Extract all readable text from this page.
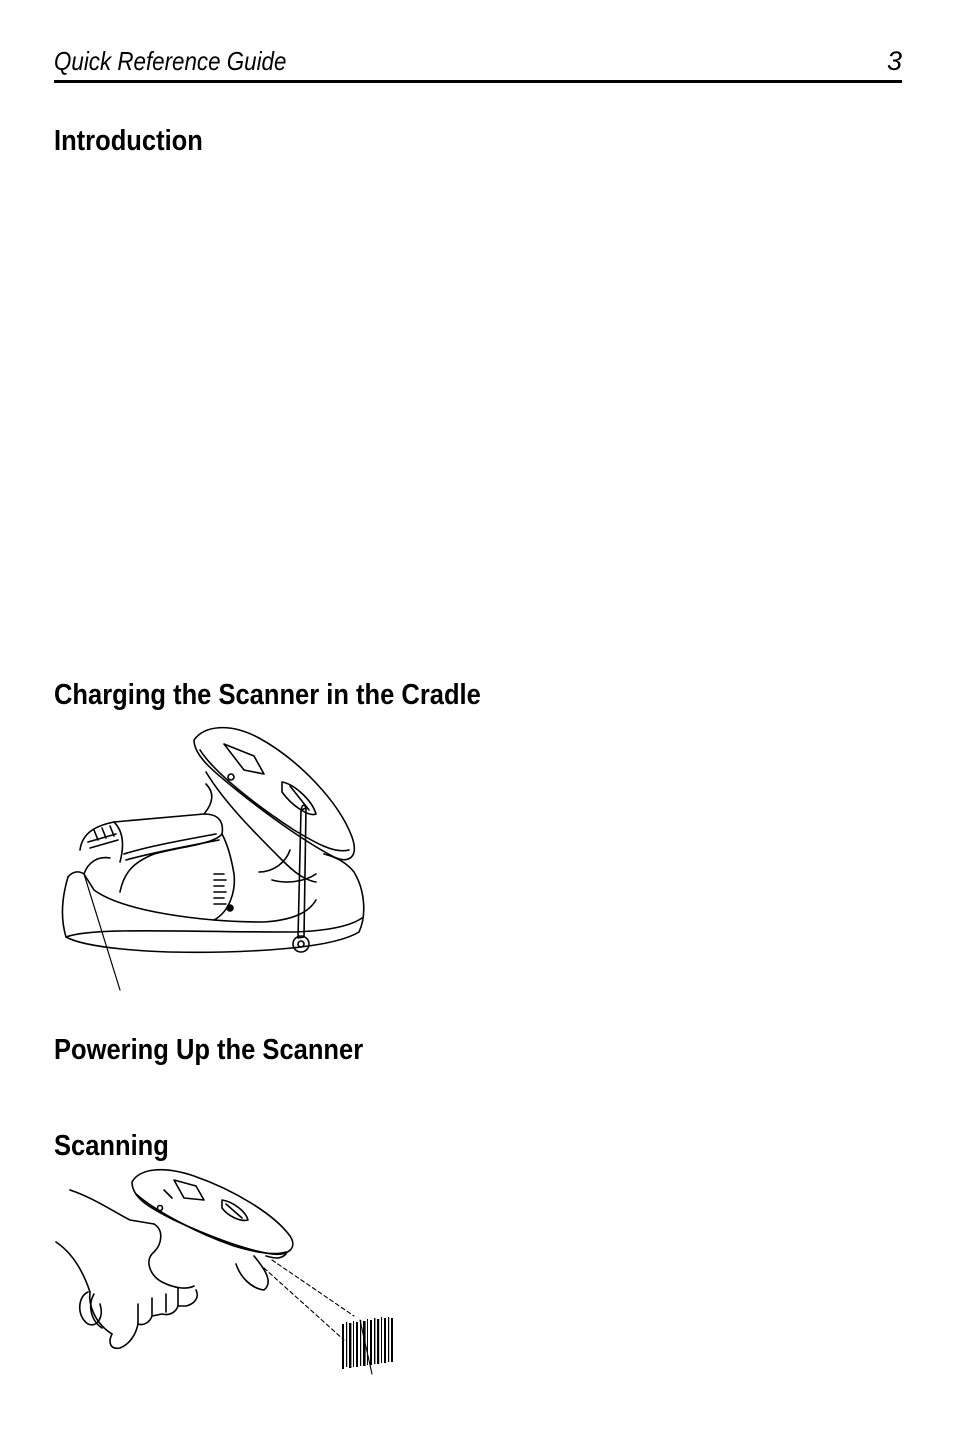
Quick Reference Guide	3
Introduction
Charging the Scanner in the Cradle
Powering Up the Scanner
Scanning
